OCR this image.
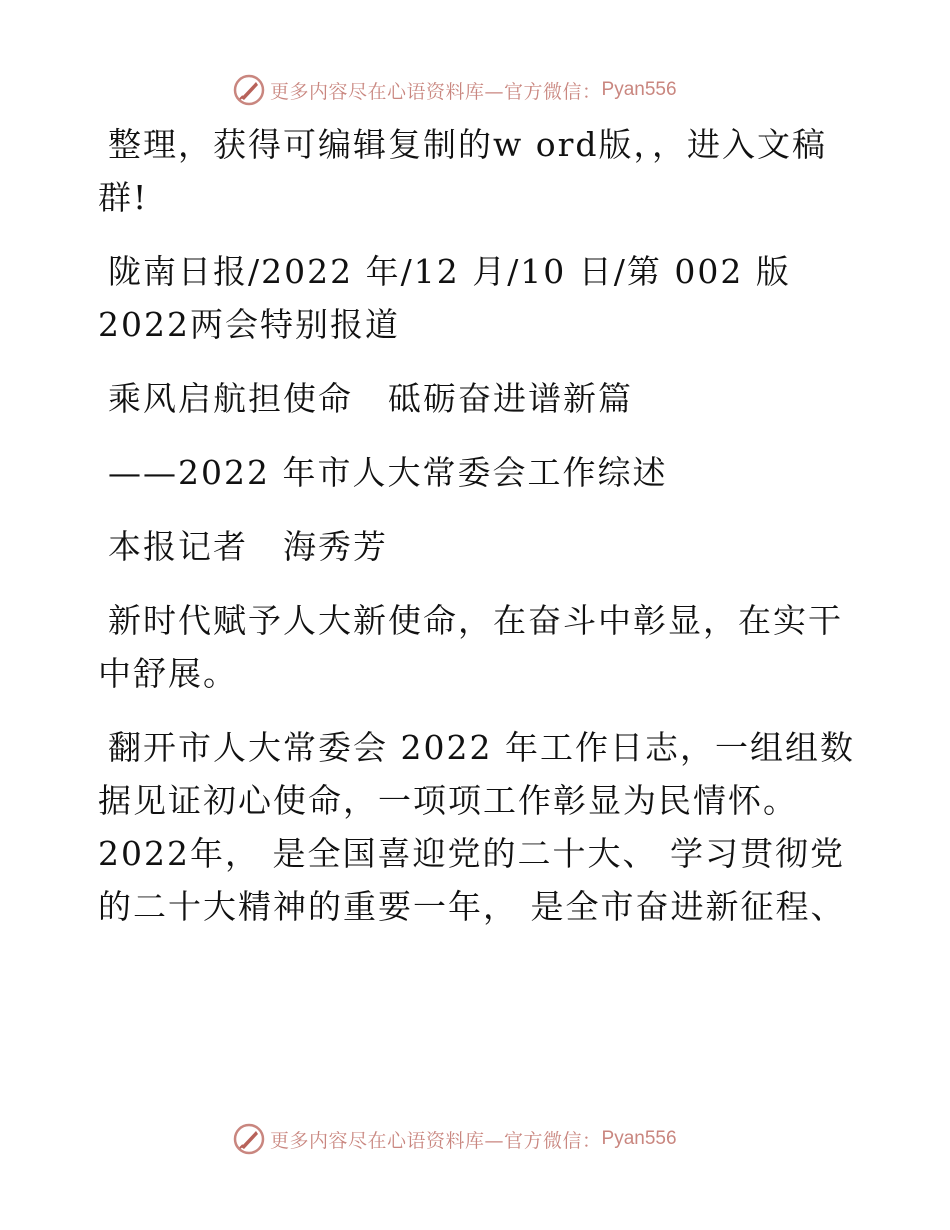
更多内容尽在心语资料库—官方微信： Pyan556

整理，获得可编辑复制的w ord版，，进入文稿群!

陇南日报/2022 年/12 月/10 日/第 002 版2022两会特别报道

乘风启航担使命　砥砺奋进谱新篇

——2022 年市人大常委会工作综述

本报记者　海秀芳

新时代赋予人大新使命，在奋斗中彰显，在实干中舒展。

翻开市人大常委会 2022 年工作日志，一组组数据见证初心使命，一项项工作彰显为民情怀。2022年， 是全国喜迎党的二十大、 学习贯彻党的二十大精神的重要一年， 是全市奋进新征程、

更多内容尽在心语资料库—官方微信： Pyan556
